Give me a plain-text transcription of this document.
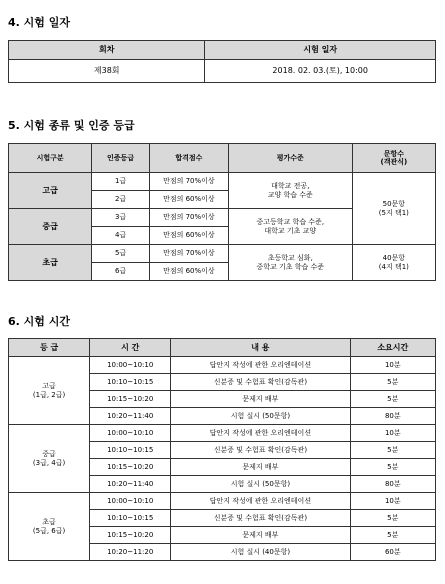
4. 시험 일자
회차	시험 일자
제38회	2018. 02. 03.(토), 10:00
5. 시험 종류 및 인증 등급
시험구분	인증등급	합격점수	평가수준	문항수
(객관식)

고급	1급	만점의 70%이상	대학교 전공,
교양 학습 수준	50문항
(5지 택1)

	2급	만점의 60%이상		
중급	3급	만점의 70%이상	중고등학교 학습 수준,
대학교 기초 교양	

	4급	만점의 60%이상		
초급	5급	만점의 70%이상	초등학교 심화,
중학교 기초 학습 수준	40문항
(4지 택1)

	6급	만점의 60%이상		
6. 시험 시간
등 급	시 간	내 용	소요시간

고급
(1급, 2급)	10:00~10:10	답안지 작성에 관한 오리엔테이션	10분
	10:10~10:15	신분증 및 수험표 확인(감독관)	5분
	10:15~10:20	문제지 배부	5분
	10:20~11:40	시험 실시 (50문항)	80분

중급
(3급, 4급)	10:00~10:10	답안지 작성에 관한 오리엔테이션	10분
	10:10~10:15	신분증 및 수험표 확인(감독관)	5분
	10:15~10:20	문제지 배부	5분
	10:20~11:40	시험 실시 (50문항)	80분

초급
(5급, 6급)	10:00~10:10	답안지 작성에 관한 오리엔테이션	10분
	10:10~10:15	신분증 및 수험표 확인(감독관)	5분
	10:15~10:20	문제지 배부	5분
	10:20~11:20	시험 실시 (40문항)	60분
